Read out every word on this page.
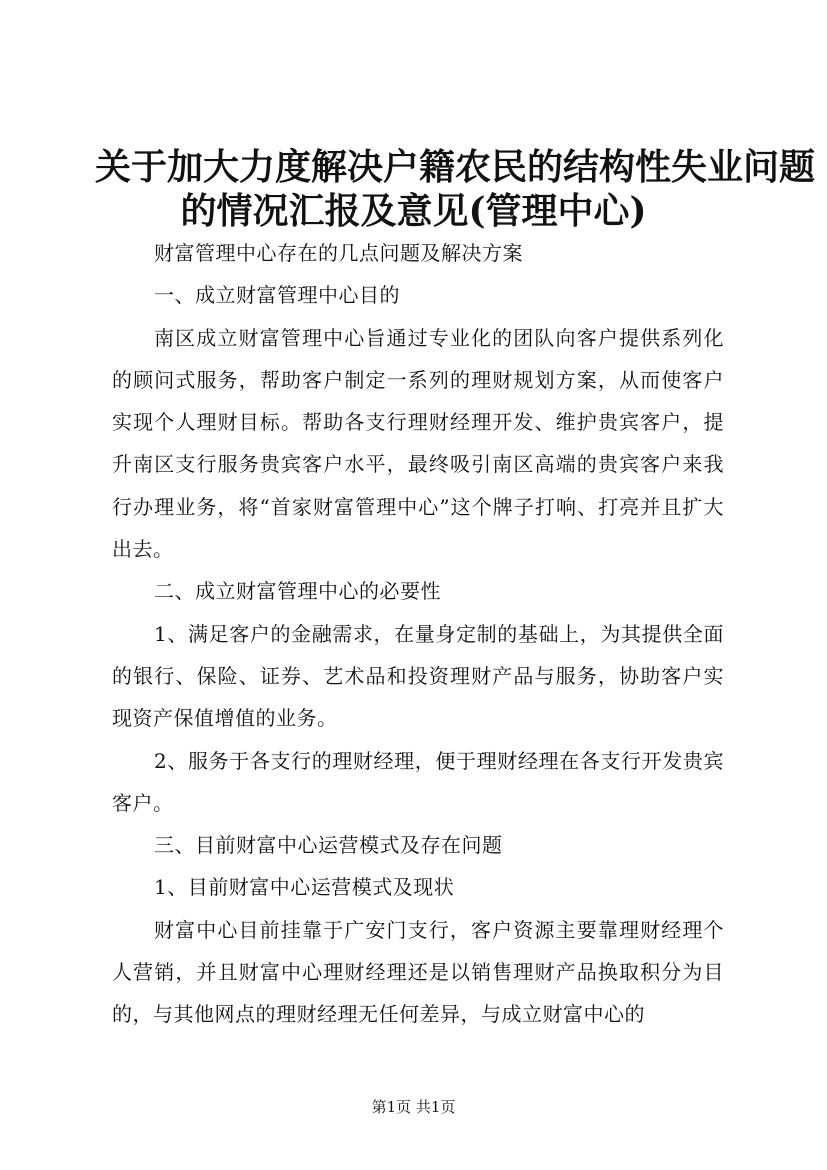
关于加大力度解决户籍农民的结构性失业问题
的情况汇报及意见(管理中心)

财富管理中心存在的几点问题及解决方案

一、成立财富管理中心目的

南区成立财富管理中心旨通过专业化的团队向客户提供系列化的顾问式服务，帮助客户制定一系列的理财规划方案，从而使客户实现个人理财目标。帮助各支行理财经理开发、维护贵宾客户，提升南区支行服务贵宾客户水平，最终吸引南区高端的贵宾客户来我行办理业务，将“首家财富管理中心”这个牌子打响、打亮并且扩大出去。

二、成立财富管理中心的必要性

1、满足客户的金融需求，在量身定制的基础上，为其提供全面的银行、保险、证券、艺术品和投资理财产品与服务，协助客户实现资产保值增值的业务。

2、服务于各支行的理财经理，便于理财经理在各支行开发贵宾客户。

三、目前财富中心运营模式及存在问题

1、目前财富中心运营模式及现状

财富中心目前挂靠于广安门支行，客户资源主要靠理财经理个人营销，并且财富中心理财经理还是以销售理财产品换取积分为目的，与其他网点的理财经理无任何差异，与成立财富中心的

第1页 共1页
